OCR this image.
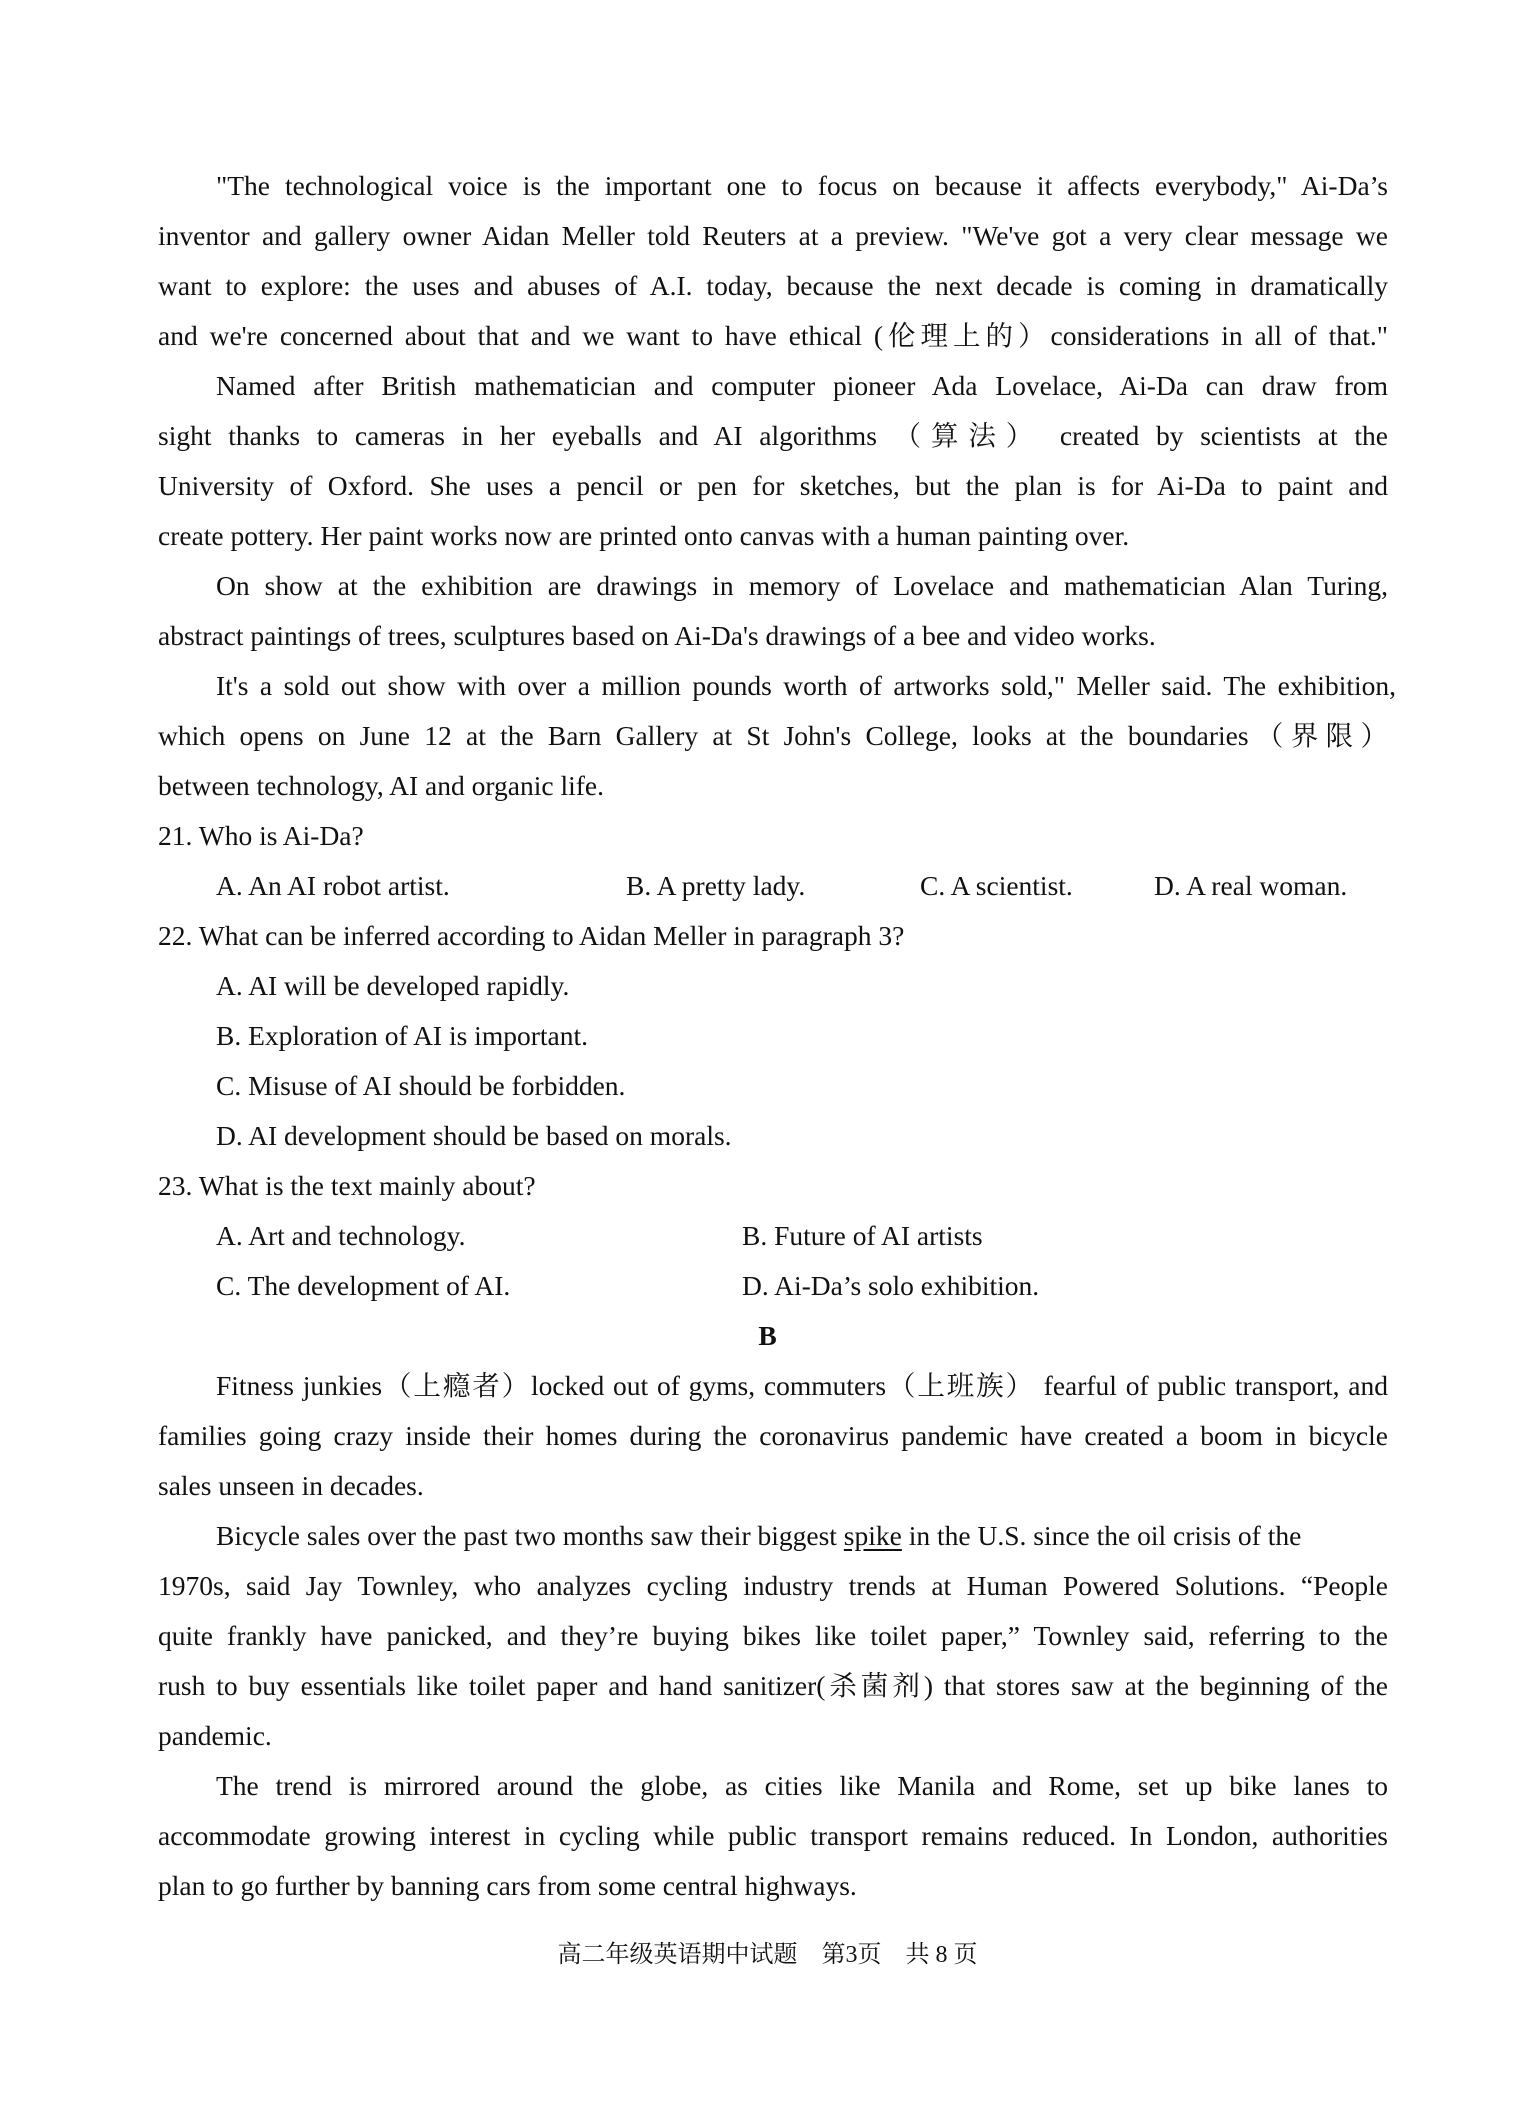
"The technological voice is the important one to focus on because it affects everybody," Ai-Da’s
inventor and gallery owner Aidan Meller told Reuters at a preview. "We've got a very clear message we
want to explore: the uses and abuses of A.I. today, because the next decade is coming in dramatically
and we're concerned about that and we want to have ethical (伦理上的）considerations in all of that."
Named after British mathematician and computer pioneer Ada Lovelace, Ai-Da can draw from
sight thanks to cameras in her eyeballs and AI algorithms （算法） created by scientists at the
University of Oxford. She uses a pencil or pen for sketches, but the plan is for Ai-Da to paint and
create pottery. Her paint works now are printed onto canvas with a human painting over.
On show at the exhibition are drawings in memory of Lovelace and mathematician Alan Turing,
abstract paintings of trees, sculptures based on Ai-Da's drawings of a bee and video works.
It's a sold out show with over a million pounds worth of artworks sold," Meller said. The exhibition,
which opens on June 12 at the Barn Gallery at St John's College, looks at the boundaries（界限）
between technology, AI and organic life.
21. Who is Ai-Da?
A. An AI robot artist.	B. A pretty lady.	C. A scientist.	D. A real woman.
22. What can be inferred according to Aidan Meller in paragraph 3?
A. AI will be developed rapidly.
B. Exploration of AI is important.
C. Misuse of AI should be forbidden.
D. AI development should be based on morals.
23. What is the text mainly about?
A. Art and technology.	B. Future of AI artists
C. The development of AI.	D. Ai-Da’s solo exhibition.
B
Fitness junkies（上瘾者）locked out of gyms, commuters（上班族） fearful of public transport, and
families going crazy inside their homes during the coronavirus pandemic have created a boom in bicycle
sales unseen in decades.
Bicycle sales over the past two months saw their biggest spike in the U.S. since the oil crisis of the
1970s, said Jay Townley, who analyzes cycling industry trends at Human Powered Solutions. “People
quite frankly have panicked, and they’re buying bikes like toilet paper,” Townley said, referring to the
rush to buy essentials like toilet paper and hand sanitizer(杀菌剂) that stores saw at the beginning of the
pandemic.
The trend is mirrored around the globe, as cities like Manila and Rome, set up bike lanes to
accommodate growing interest in cycling while public transport remains reduced. In London, authorities
plan to go further by banning cars from some central highways.
高二年级英语期中试题    第3页    共 8 页
